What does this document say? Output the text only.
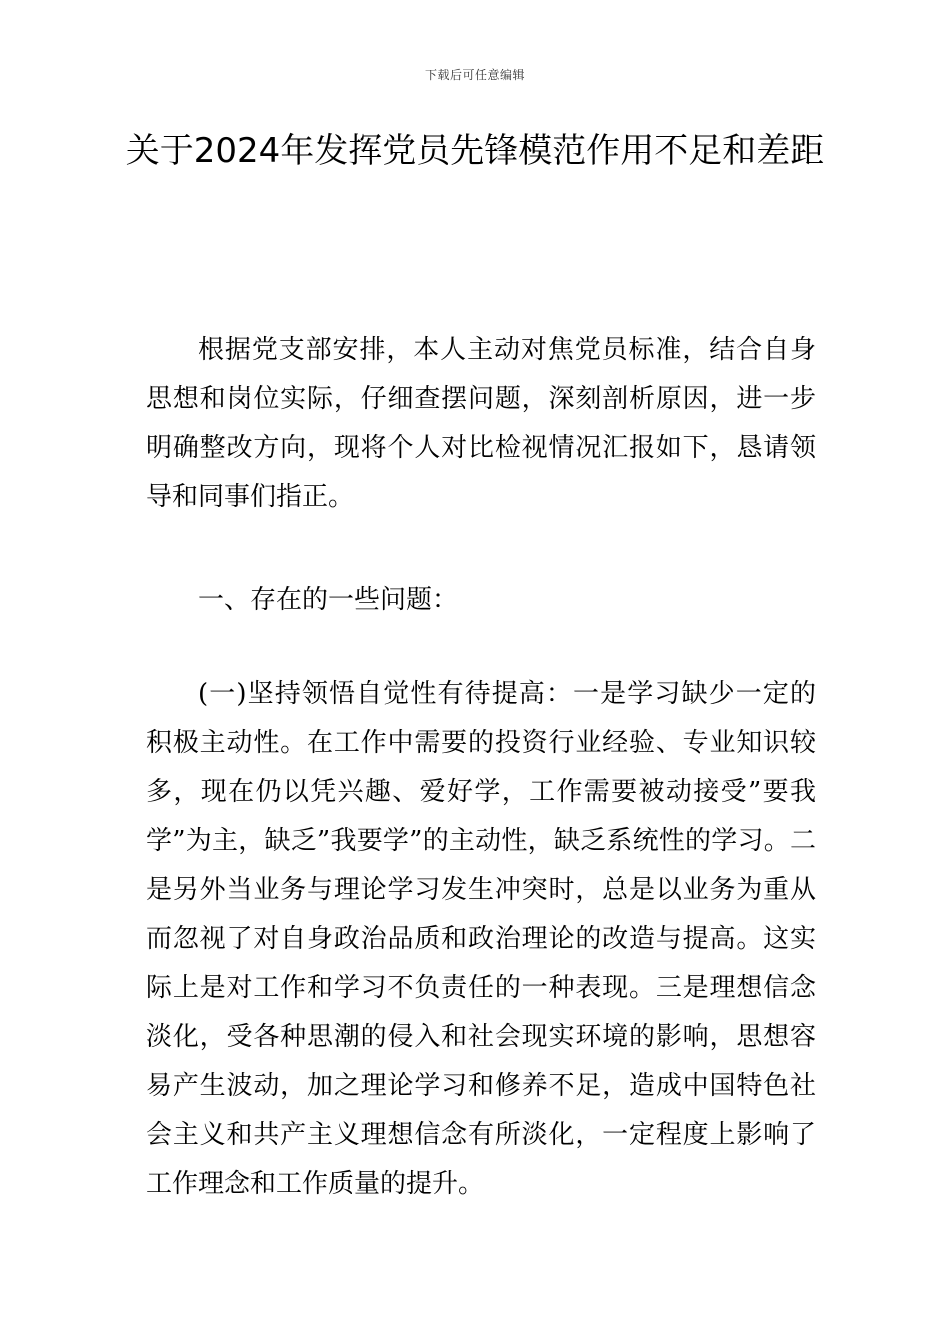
下载后可任意编辑
关于2024年发挥党员先锋模范作用不足和差距

根据党支部安排，本人主动对焦党员标准，结合自身思想和岗位实际，仔细查摆问题，深刻剖析原因，进一步明确整改方向，现将个人对比检视情况汇报如下，恳请领导和同事们指正。

一、存在的一些问题：

(一)坚持领悟自觉性有待提高：一是学习缺少一定的积极主动性。在工作中需要的投资行业经验、专业知识较多，现在仍以凭兴趣、爱好学，工作需要被动接受”要我学”为主，缺乏”我要学”的主动性，缺乏系统性的学习。二是另外当业务与理论学习发生冲突时，总是以业务为重从而忽视了对自身政治品质和政治理论的改造与提高。这实际上是对工作和学习不负责任的一种表现。三是理想信念淡化，受各种思潮的侵入和社会现实环境的影响，思想容易产生波动，加之理论学习和修养不足，造成中国特色社会主义和共产主义理想信念有所淡化，一定程度上影响了工作理念和工作质量的提升。
